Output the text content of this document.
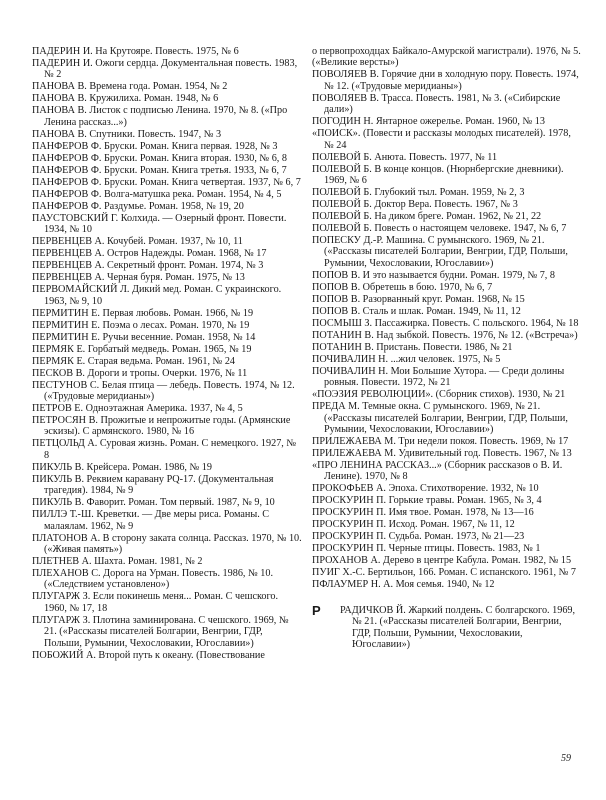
ПАДЕРИН И. На Крутояре. Повесть. 1975, № 6
ПАДЕРИН И. Ожоги сердца. Документальная повесть. 1983, № 2
ПАНОВА В. Времена года. Роман. 1954, № 2
ПАНОВА В. Кружилиха. Роман. 1948, № 6
ПАНОВА В. Листок с подписью Ленина. 1970, № 8. («Про Ленина рассказ...»)
ПАНОВА В. Спутники. Повесть. 1947, № 3
ПАНФЕРОВ Ф. Бруски. Роман. Книга первая. 1928, № 3
ПАНФЕРОВ Ф. Бруски. Роман. Книга вторая. 1930, № 6, 8
ПАНФЕРОВ Ф. Бруски. Роман. Книга третья. 1933, № 6, 7
ПАНФЕРОВ Ф. Бруски. Роман. Книга четвертая. 1937, № 6, 7
ПАНФЕРОВ Ф. Волга-матушка река. Роман. 1954, № 4, 5
ПАНФЕРОВ Ф. Раздумье. Роман. 1958, № 19, 20
ПАУСТОВСКИЙ Г. Колхида. — Озерный фронт. Повести. 1934, № 10
ПЕРВЕНЦЕВ А. Кочубей. Роман. 1937, № 10, 11
ПЕРВЕНЦЕВ А. Остров Надежды. Роман. 1968, № 17
ПЕРВЕНЦЕВ А. Секретный фронт. Роман. 1974, № 3
ПЕРВЕНЦЕВ А. Черная буря. Роман. 1975, № 13
ПЕРВОМАЙСКИЙ Л. Дикий мед. Роман. С украинского. 1963, № 9, 10
ПЕРМИТИН Е. Первая любовь. Роман. 1966, № 19
ПЕРМИТИН Е. Поэма о лесах. Роман. 1970, № 19
ПЕРМИТИН Е. Ручьи весенние. Роман. 1958, № 14
ПЕРМЯК Е. Горбатый медведь. Роман. 1965, № 19
ПЕРМЯК Е. Старая ведьма. Роман. 1961, № 24
ПЕСКОВ В. Дороги и тропы. Очерки. 1976, № 11
ПЕСТУНОВ С. Белая птица — лебедь. Повесть. 1974, № 12. («Трудовые меридианы»)
ПЕТРОВ Е. Одноэтажная Америка. 1937, № 4, 5
ПЕТРОСЯН В. Прожитые и непрожитые годы. (Армянские эскизы). С армянского. 1980, № 16
ПЕТЦОЛЬД А. Суровая жизнь. Роман. С немецкого. 1927, № 8
ПИКУЛЬ В. Крейсера. Роман. 1986, № 19
ПИКУЛЬ В. Реквием каравану PQ-17. (Документальная трагедия). 1984, № 9
ПИКУЛЬ В. Фаворит. Роман. Том первый. 1987, № 9, 10
ПИЛЛЭ Т.-Ш. Креветки. — Две меры риса. Романы. С малаялам. 1962, № 9
ПЛАТОНОВ А. В сторону заката солнца. Рассказ. 1970, № 10. («Живая память»)
ПЛЕТНЕВ А. Шахта. Роман. 1981, № 2
ПЛЕХАНОВ С. Дорога на Урман. Повесть. 1986, № 10. («Следствием установлено»)
ПЛУГАРЖ З. Если покинешь меня... Роман. С чешского. 1960, № 17, 18
ПЛУГАРЖ З. Плотина заминирована. С чешского. 1969, № 21. («Рассказы писателей Болгарии, Венгрии, ГДР, Польши, Румынии, Чехословакии, Югославии»)
ПОБОЖИЙ А. Второй путь к океану. (Повествование
о первопроходцах Байкало-Амурской магистрали). 1976, № 5. («Великие версты»)
ПОВОЛЯЕВ В. Горячие дни в холодную пору. Повесть. 1974, № 12. («Трудовые меридианы»)
ПОВОЛЯЕВ В. Трасса. Повесть. 1981, № 3. («Сибирские дали»)
ПОГОДИН Н. Янтарное ожерелье. Роман. 1960, № 13
«ПОИСК». (Повести и рассказы молодых писателей). 1978, № 24
ПОЛЕВОЙ Б. Анюта. Повесть. 1977, № 11
ПОЛЕВОЙ Б. В конце концов. (Нюрнбергские дневники). 1969, № 6
ПОЛЕВОЙ Б. Глубокий тыл. Роман. 1959, № 2, 3
ПОЛЕВОЙ Б. Доктор Вера. Повесть. 1967, № 3
ПОЛЕВОЙ Б. На диком бреге. Роман. 1962, № 21, 22
ПОЛЕВОЙ Б. Повесть о настоящем человеке. 1947, № 6, 7
ПОПЕСКУ Д.-Р. Машина. С румынского. 1969, № 21. («Рассказы писателей Болгарии, Венгрии, ГДР, Польши, Румынии, Чехословакии, Югославии»)
ПОПОВ В. И это называется будни. Роман. 1979, № 7, 8
ПОПОВ В. Обретешь в бою. 1970, № 6, 7
ПОПОВ В. Разорванный круг. Роман. 1968, № 15
ПОПОВ В. Сталь и шлак. Роман. 1949, № 11, 12
ПОСМЫШ З. Пассажирка. Повесть. С польского. 1964, № 18
ПОТАНИН В. Над зыбкой. Повесть. 1976, № 12. («Встреча»)
ПОТАНИН В. Пристань. Повести. 1986, № 21
ПОЧИВАЛИН Н. ...жил человек. 1975, № 5
ПОЧИВАЛИН Н. Мои Большие Хутора. — Среди долины ровныя. Повести. 1972, № 21
«ПОЭЗИЯ РЕВОЛЮЦИИ». (Сборник стихов). 1930, № 21
ПРЕДА М. Темные окна. С румынского. 1969, № 21. («Рассказы писателей Болгарии, Венгрии, ГДР, Польши, Румынии, Чехословакии, Югославии»)
ПРИЛЕЖАЕВА М. Три недели покоя. Повесть. 1969, № 17
ПРИЛЕЖАЕВА М. Удивительный год. Повесть. 1967, № 13
«ПРО ЛЕНИНА РАССКАЗ...» (Сборник рассказов о В. И. Ленине). 1970, № 8
ПРОКОФЬЕВ А. Эпоха. Стихотворение. 1932, № 10
ПРОСКУРИН П. Горькие травы. Роман. 1965, № 3, 4
ПРОСКУРИН П. Имя твое. Роман. 1978, № 13—16
ПРОСКУРИН П. Исход. Роман. 1967, № 11, 12
ПРОСКУРИН П. Судьба. Роман. 1973, № 21—23
ПРОСКУРИН П. Черные птицы. Повесть. 1983, № 1
ПРОХАНОВ А. Дерево в центре Кабула. Роман. 1982, № 15
ПУИГ Х.-С. Бертильон, 166. Роман. С испанского. 1961, № 7
ПФЛАУМЕР Н. А. Моя семья. 1940, № 12
Р РАДИЧКОВ Й. Жаркий полдень. С болгарского. 1969, № 21. («Рассказы писателей Болгарии, Венгрии, ГДР, Польши, Румынии, Чехословакии, Югославии»)
59
